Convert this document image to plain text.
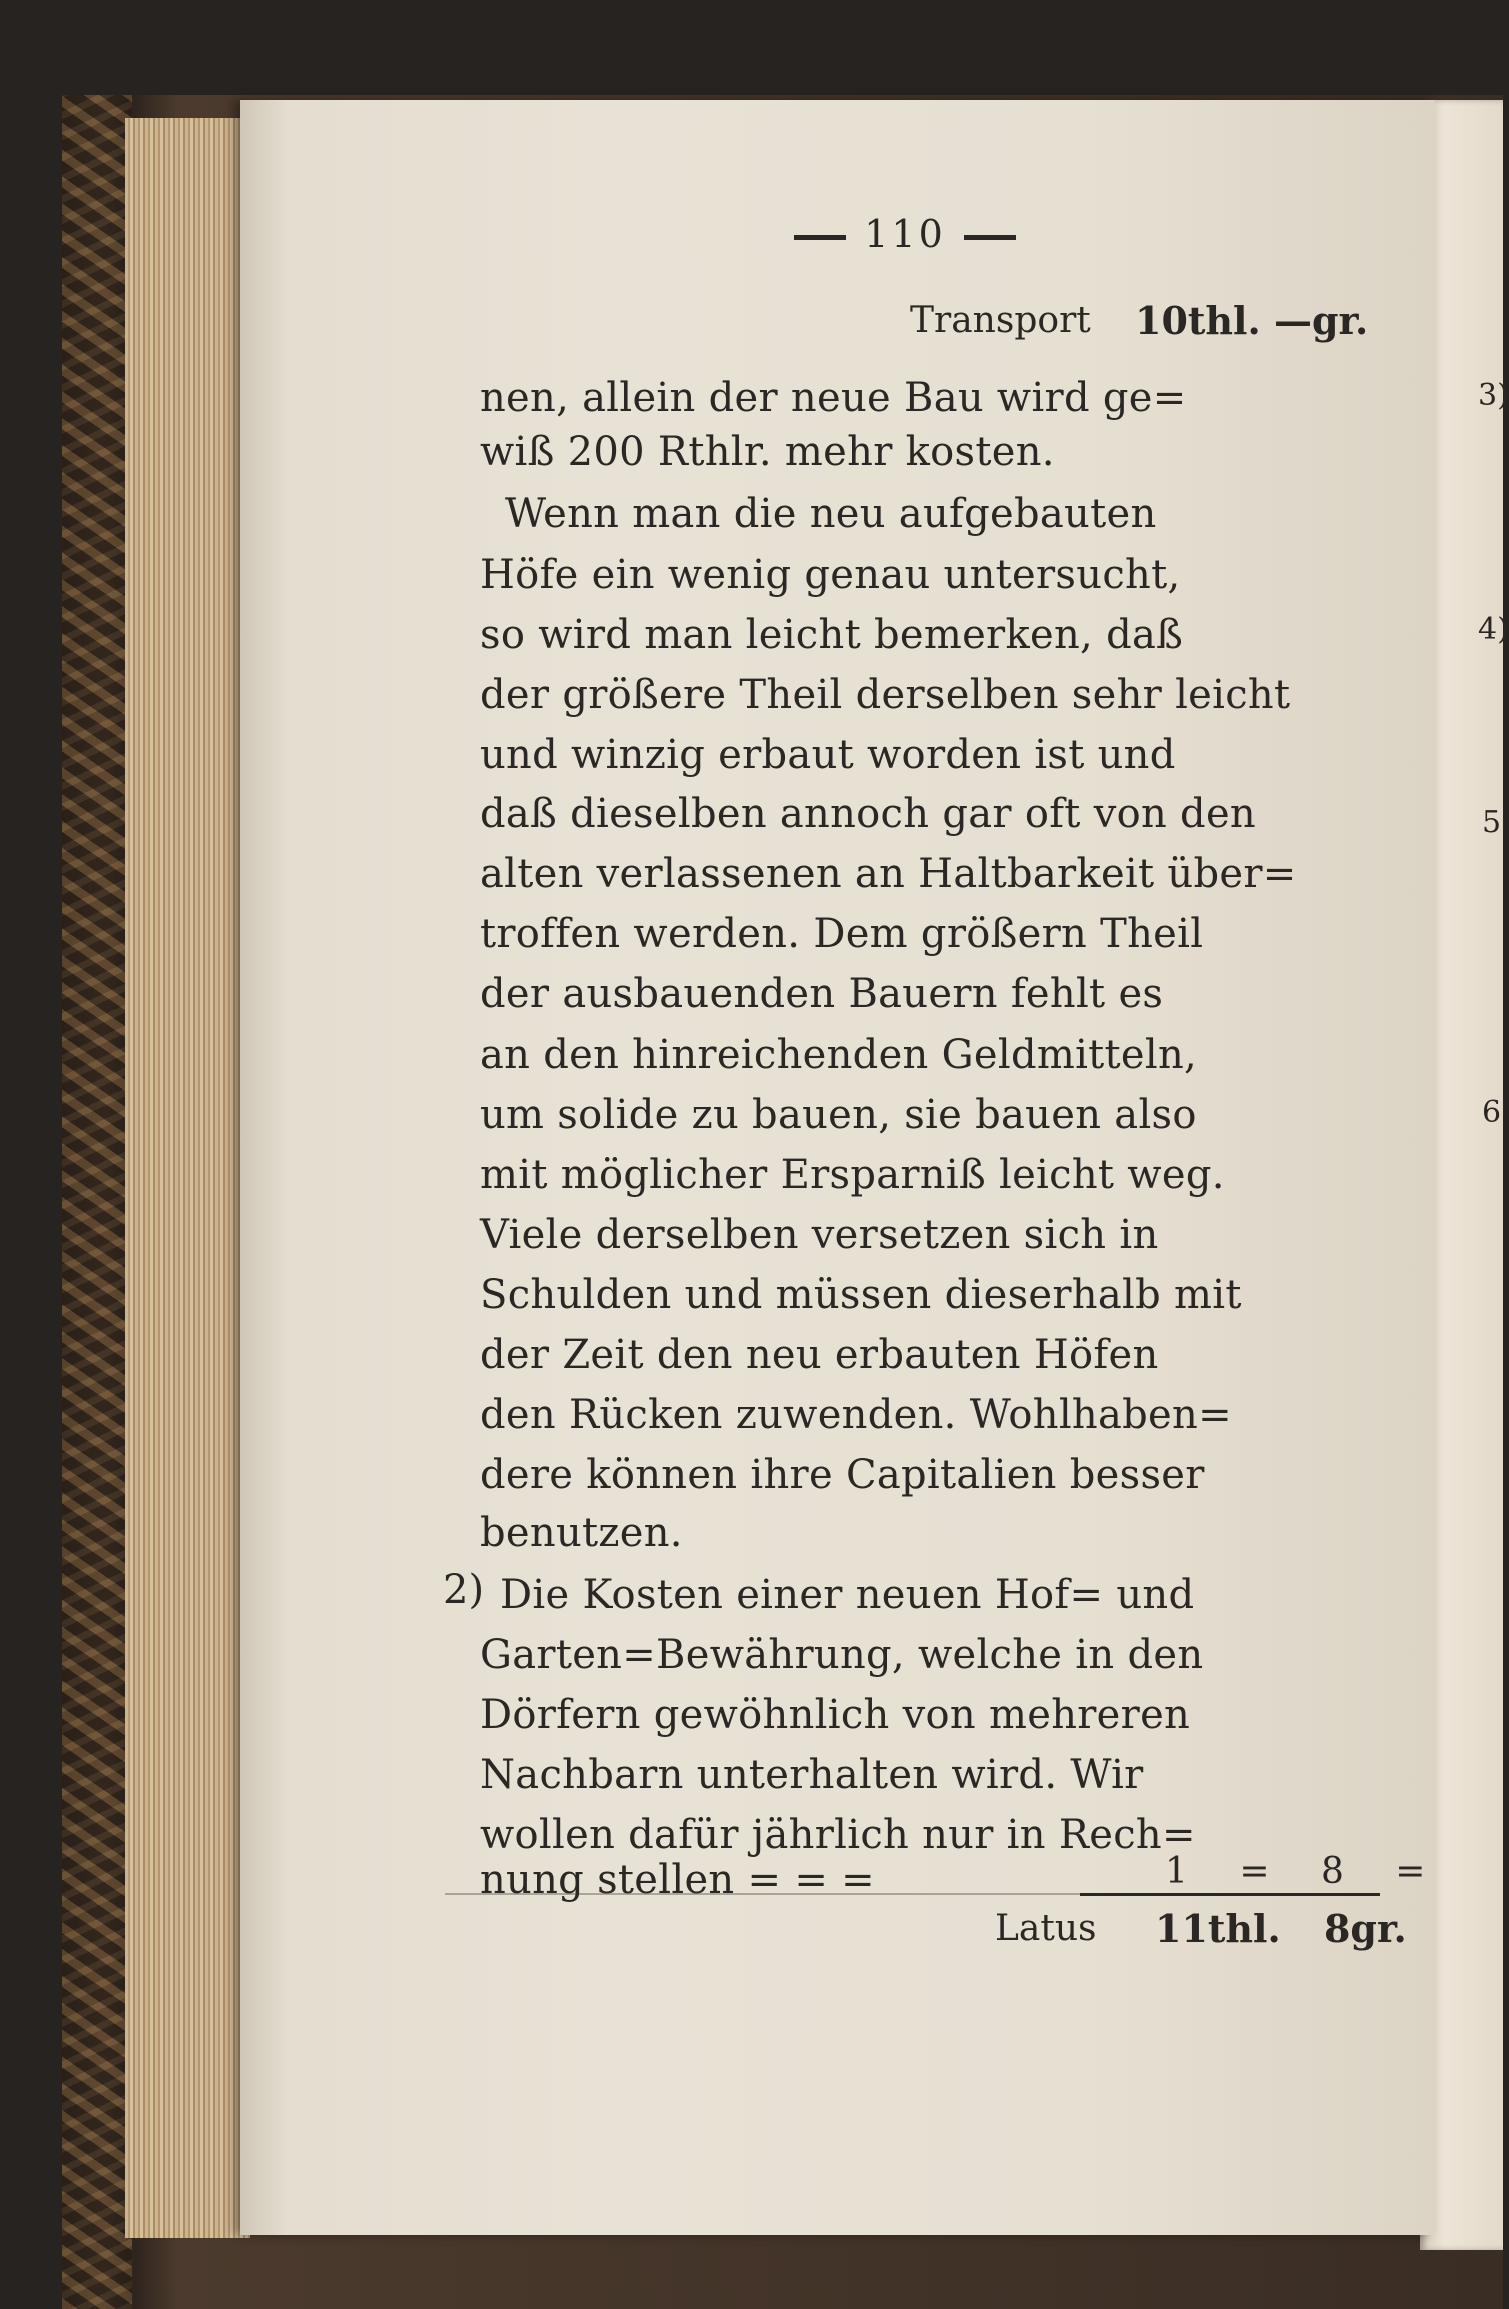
3)
4)
5
6
110
Transport 10thl. —gr.
nen, allein der neue Bau wird ge=
wiß 200 Rthlr. mehr kosten.
Wenn man die neu aufgebauten
Höfe ein wenig genau untersucht,
so wird man leicht bemerken, daß
der größere Theil derselben sehr leicht
und winzig erbaut worden ist und
daß dieselben annoch gar oft von den
alten verlassenen an Haltbarkeit über=
troffen werden. Dem größern Theil
der ausbauenden Bauern fehlt es
an den hinreichenden Geldmitteln,
um solide zu bauen, sie bauen also
mit möglicher Ersparniß leicht weg.
Viele derselben versetzen sich in
Schulden und müssen dieserhalb mit
der Zeit den neu erbauten Höfen
den Rücken zuwenden. Wohlhaben=
dere können ihre Capitalien besser
benutzen.
2) Die Kosten einer neuen Hof= und
Garten=Bewährung, welche in den
Dörfern gewöhnlich von mehreren
Nachbarn unterhalten wird. Wir
wollen dafür jährlich nur in Rech=
nung stellen = = =	1 = 8 =
Latus 11thl. 8gr.
